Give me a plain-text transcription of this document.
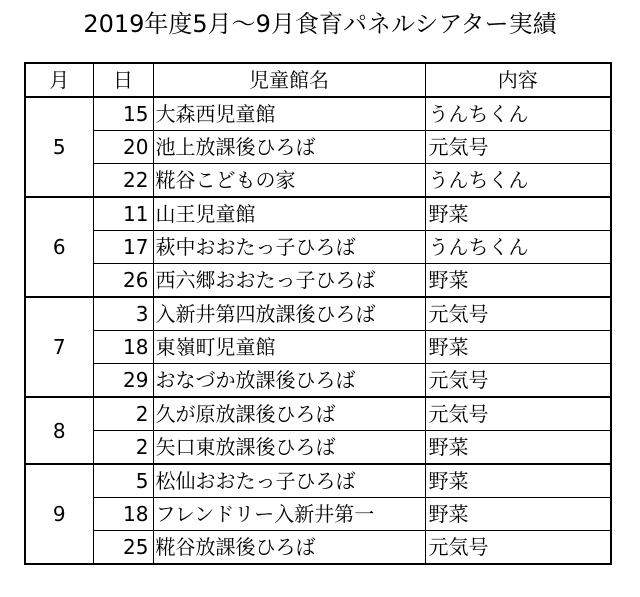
2019年度5月～9月食育パネルシアター実績
月	日	児童館名	内容
5	15	大森西児童館	うんちくん
	20	池上放課後ひろば	元気号
	22	糀谷こどもの家	うんちくん
6	11	山王児童館	野菜
	17	萩中おおたっ子ひろば	うんちくん
	26	西六郷おおたっ子ひろば	野菜
7	3	入新井第四放課後ひろば	元気号
	18	東嶺町児童館	野菜
	29	おなづか放課後ひろば	元気号
8	2	久が原放課後ひろば	元気号
	2	矢口東放課後ひろば	野菜
9	5	松仙おおたっ子ひろば	野菜
	18	フレンドリー入新井第一	野菜
	25	糀谷放課後ひろば	元気号
